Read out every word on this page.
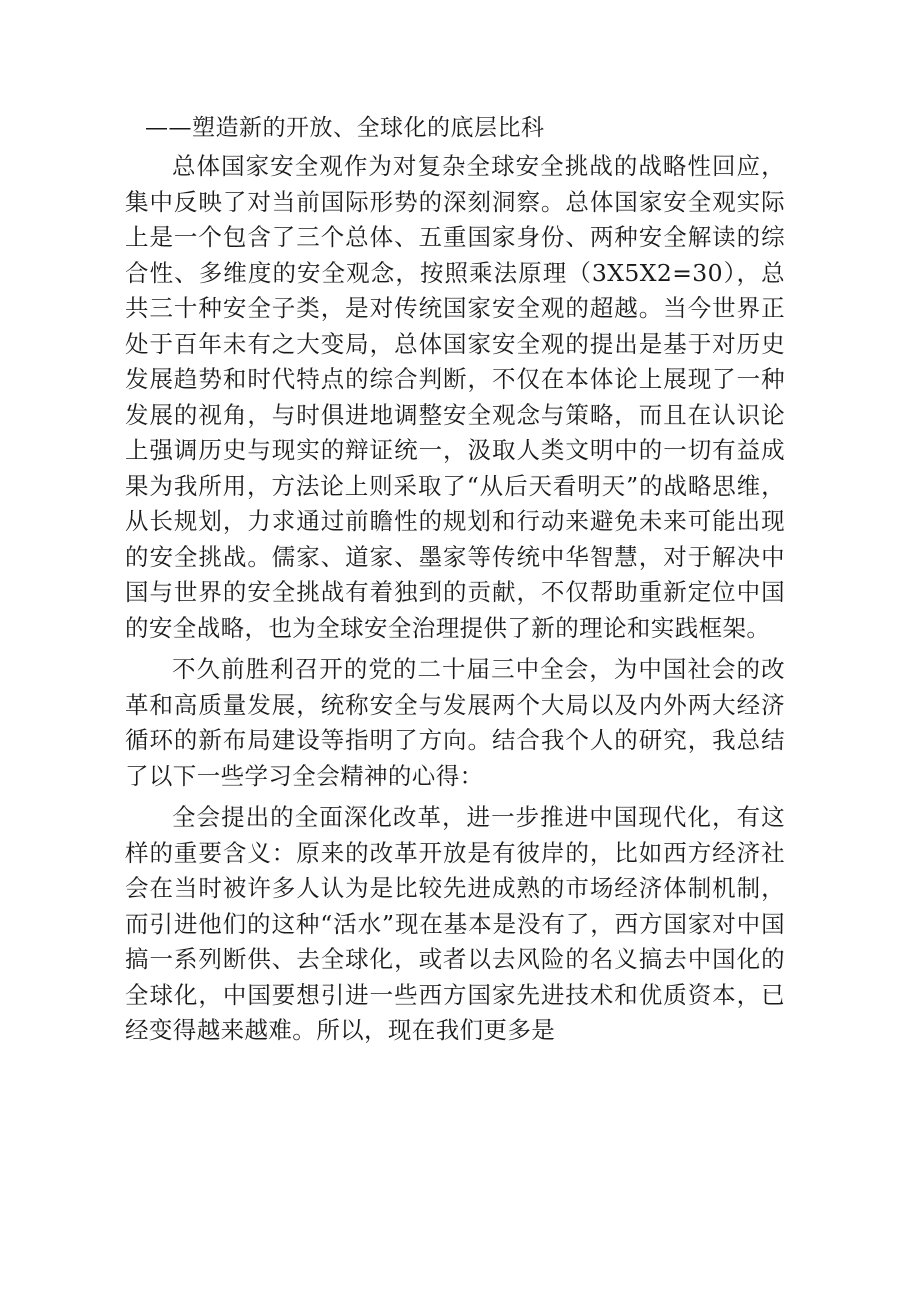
——塑造新的开放、全球化的底层比科

总体国家安全观作为对复杂全球安全挑战的战略性回应，集中反映了对当前国际形势的深刻洞察。总体国家安全观实际上是一个包含了三个总体、五重国家身份、两种安全解读的综合性、多维度的安全观念，按照乘法原理（3X5X2=30），总共三十种安全子类，是对传统国家安全观的超越。当今世界正处于百年未有之大变局，总体国家安全观的提出是基于对历史发展趋势和时代特点的综合判断，不仅在本体论上展现了一种发展的视角，与时俱进地调整安全观念与策略，而且在认识论上强调历史与现实的辩证统一，汲取人类文明中的一切有益成果为我所用，方法论上则采取了“从后天看明天”的战略思维，从长规划，力求通过前瞻性的规划和行动来避免未来可能出现的安全挑战。儒家、道家、墨家等传统中华智慧，对于解决中国与世界的安全挑战有着独到的贡献，不仅帮助重新定位中国的安全战略，也为全球安全治理提供了新的理论和实践框架。

不久前胜利召开的党的二十届三中全会，为中国社会的改革和高质量发展，统称安全与发展两个大局以及内外两大经济循环的新布局建设等指明了方向。结合我个人的研究，我总结了以下一些学习全会精神的心得：

全会提出的全面深化改革，进一步推进中国现代化，有这样的重要含义：原来的改革开放是有彼岸的，比如西方经济社会在当时被许多人认为是比较先进成熟的市场经济体制机制，而引进他们的这种“活水”现在基本是没有了，西方国家对中国搞一系列断供、去全球化，或者以去风险的名义搞去中国化的全球化，中国要想引进一些西方国家先进技术和优质资本，已经变得越来越难。所以，现在我们更多是
